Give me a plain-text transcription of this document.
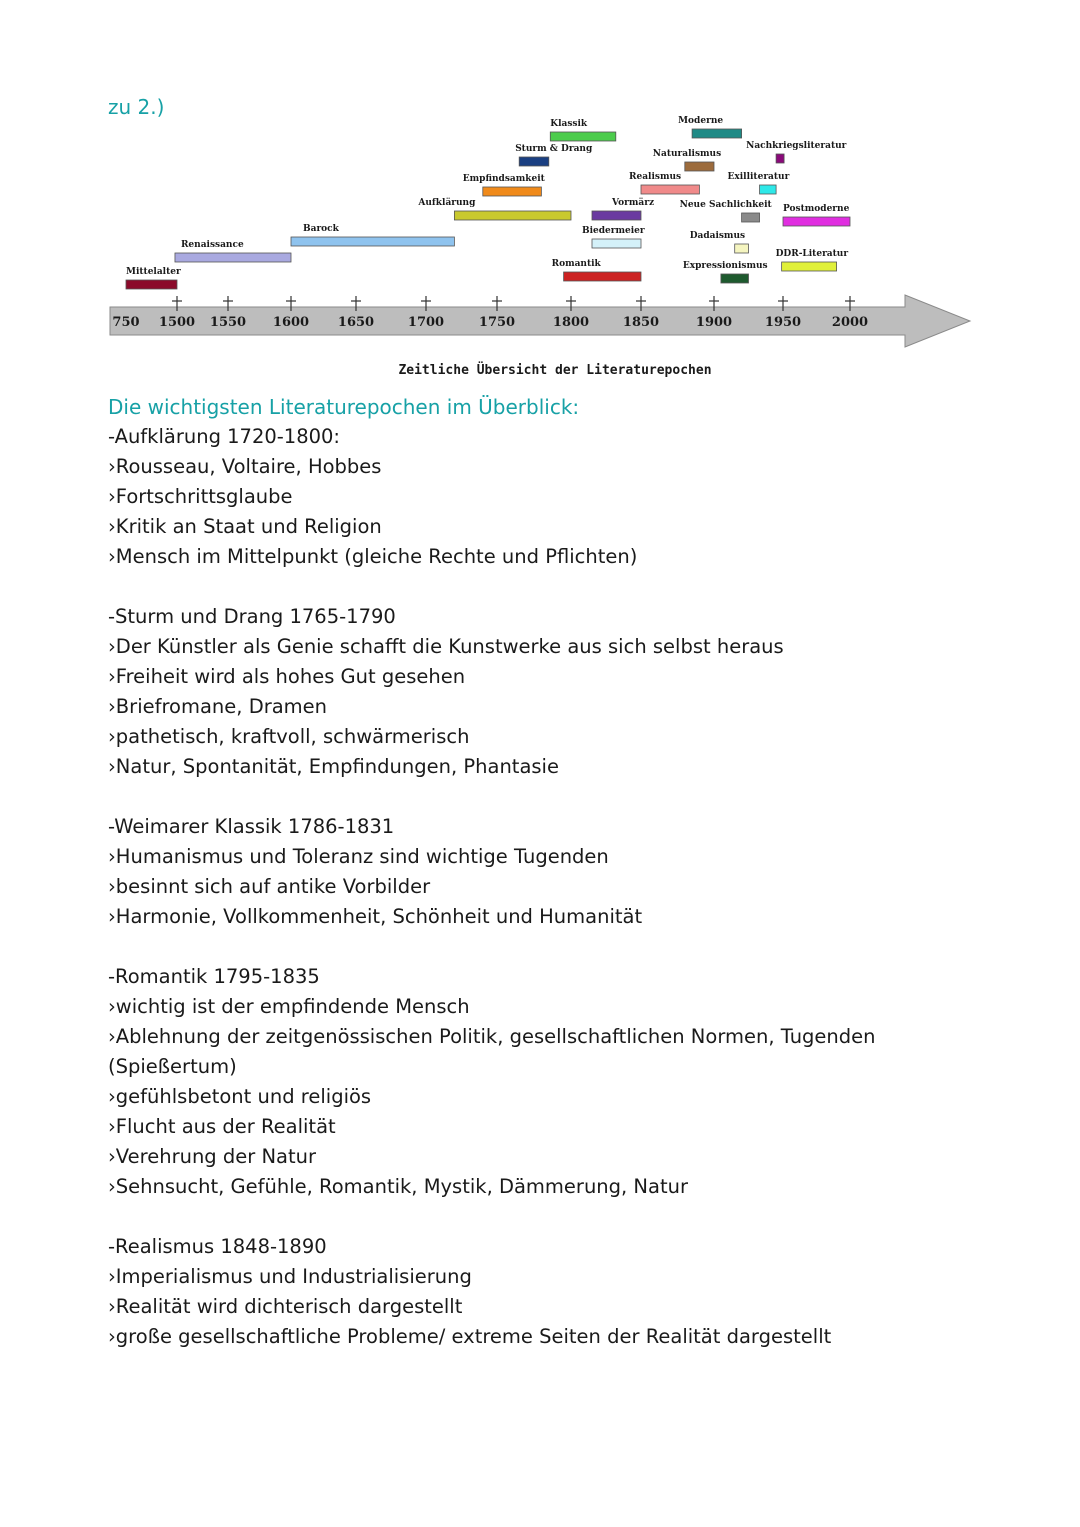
zu 2.)
Mittelalter
Renaissance
Barock
Aufklärung
Empfindsamkeit
Sturm & Drang
Klassik
Romantik
Biedermeier
Vormärz
Realismus
Naturalismus
Moderne
Expressionismus
Dadaismus
Neue Sachlichkeit
Exilliteratur
Nachkriegsliteratur
DDR-Literatur
Postmoderne
750 1500 1550 1600 1650	1700	1750	1800	1850	1900	1950 2000
Zeitliche Übersicht der Literaturepochen

Die wichtigsten Literaturepochen im Überblick:

-Aufklärung 1720-1800:

›Rousseau, Voltaire, Hobbes

›Fortschrittsglaube

›Kritik an Staat und Religion

›Mensch im Mittelpunkt (gleiche Rechte und Pflichten)

-Sturm und Drang 1765-1790

›Der Künstler als Genie schafft die Kunstwerke aus sich selbst heraus

›Freiheit wird als hohes Gut gesehen

›Briefromane, Dramen

›pathetisch, kraftvoll, schwärmerisch

›Natur, Spontanität, Empfindungen, Phantasie

-Weimarer Klassik 1786-1831

›Humanismus und Toleranz sind wichtige Tugenden

›besinnt sich auf antike Vorbilder

›Harmonie, Vollkommenheit, Schönheit und Humanität

-Romantik 1795-1835

›wichtig ist der empfindende Mensch

›Ablehnung der zeitgenössischen Politik, gesellschaftlichen Normen, Tugenden

(Spießertum)

›gefühlsbetont und religiös

›Flucht aus der Realität

›Verehrung der Natur

›Sehnsucht, Gefühle, Romantik, Mystik, Dämmerung, Natur

-Realismus 1848-1890

›Imperialismus und Industrialisierung

›Realität wird dichterisch dargestellt

›große gesellschaftliche Probleme/ extreme Seiten der Realität dargestellt
